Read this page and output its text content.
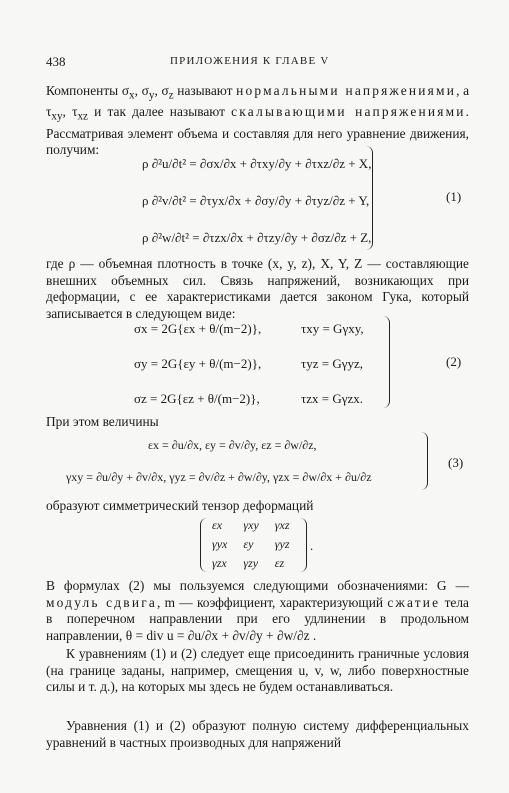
438	ПРИЛОЖЕНИЯ К ГЛАВЕ V
Компоненты $\sigma_x$, $\sigma_y$, $\sigma_z$ называют нормальными напряжениями, а $\tau_{xy}$, $\tau_{xz}$ и так далее называют скалывающими напряжениями. Рассматривая элемент объема и составляя для него уравнение движения, получим:
ρ ∂²u/∂t² = ∂σx/∂x + ∂τxy/∂y + ∂τxz/∂z + X,
ρ ∂²v/∂t² = ∂τyx/∂x + ∂σy/∂y + ∂τyz/∂z + Y,
ρ ∂²w/∂t² = ∂τzx/∂x + ∂τzy/∂y + ∂σz/∂z + Z,
(1)
где ρ — объемная плотность в точке (x, y, z), X, Y, Z — составляющие внешних объемных сил. Связь напряжений, возникающих при деформации, с ее характеристиками дается законом Гука, который записывается в следующем виде:
σx = 2G{εx + θ/(m−2)},	τxy = Gγxy,
σy = 2G{εy + θ/(m−2)},	τyz = Gγyz,
σz = 2G{εz + θ/(m−2)},	τzx = Gγzx.
(2)
При этом величины
εx = ∂u/∂x, εy = ∂v/∂y, εz = ∂w/∂z,
γxy = ∂u/∂y + ∂v/∂x, γyz = ∂v/∂z + ∂w/∂y, γzx = ∂w/∂x + ∂u/∂z
(3)
образуют симметрический тензор деформаций
εx	γxy	γxz
γyx	εy	γyz
γzx	γzy	εz
.
В формулах (2) мы пользуемся следующими обозначениями: G — модуль сдвига, m — коэффициент, характеризующий сжатие тела в поперечном направлении при его удлинении в продольном направлении, θ = div u = ∂u/∂x + ∂v/∂y + ∂w/∂z .
К уравнениям (1) и (2) следует еще присоединить граничные условия (на границе заданы, например, смещения u, v, w, либо поверхностные силы и т. д.), на которых мы здесь не будем останавливаться.
Уравнения (1) и (2) образуют полную систему дифференциальных уравнений в частных производных для напряжений
